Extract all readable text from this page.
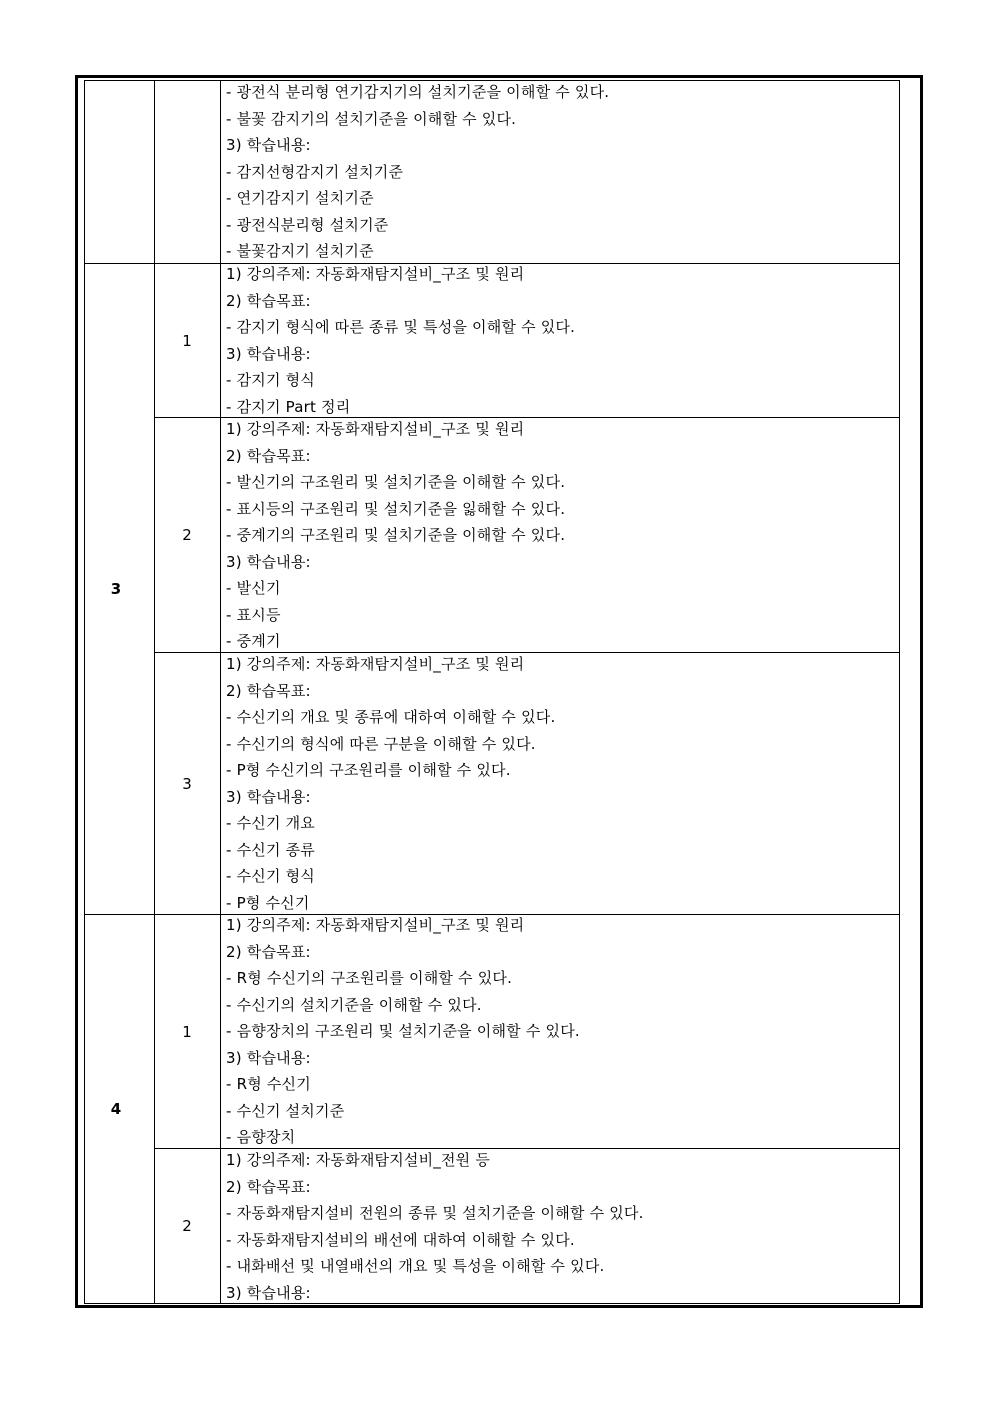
3
4
1
2
3
1
2
- 광전식 분리형 연기감지기의 설치기준을 이해할 수 있다.
- 불꽃 감지기의 설치기준을 이해할 수 있다.
3) 학습내용:
- 감지선형감지기 설치기준
- 연기감지기 설치기준
- 광전식분리형 설치기준
- 불꽃감지기 설치기준
1) 강의주제: 자동화재탐지설비_구조 및 원리
2) 학습목표:
- 감지기 형식에 따른 종류 및 특성을 이해할 수 있다.
3) 학습내용:
- 감지기 형식
- 감지기 Part 정리
1) 강의주제: 자동화재탐지설비_구조 및 원리
2) 학습목표:
- 발신기의 구조원리 및 설치기준을 이해할 수 있다.
- 표시등의 구조원리 및 설치기준을 잃해할 수 있다.
- 중계기의 구조원리 및 설치기준을 이해할 수 있다.
3) 학습내용:
- 발신기
- 표시등
- 중계기
1) 강의주제: 자동화재탐지설비_구조 및 원리
2) 학습목표:
- 수신기의 개요 및 종류에 대하여 이해할 수 있다.
- 수신기의 형식에 따른 구분을 이해할 수 있다.
- P형 수신기의 구조원리를 이해할 수 있다.
3) 학습내용:
- 수신기 개요
- 수신기 종류
- 수신기 형식
- P형 수신기
1) 강의주제: 자동화재탐지설비_구조 및 원리
2) 학습목표:
- R형 수신기의 구조원리를 이해할 수 있다.
- 수신기의 설치기준을 이해할 수 있다.
- 음향장치의 구조원리 및 설치기준을 이해할 수 있다.
3) 학습내용:
- R형 수신기
- 수신기 설치기준
- 음향장치
1) 강의주제: 자동화재탐지설비_전원 등
2) 학습목표:
- 자동화재탐지설비 전원의 종류 및 설치기준을 이해할 수 있다.
- 자동화재탐지설비의 배선에 대하여 이해할 수 있다.
- 내화배선 및 내열배선의 개요 및 특성을 이해할 수 있다.
3) 학습내용:
